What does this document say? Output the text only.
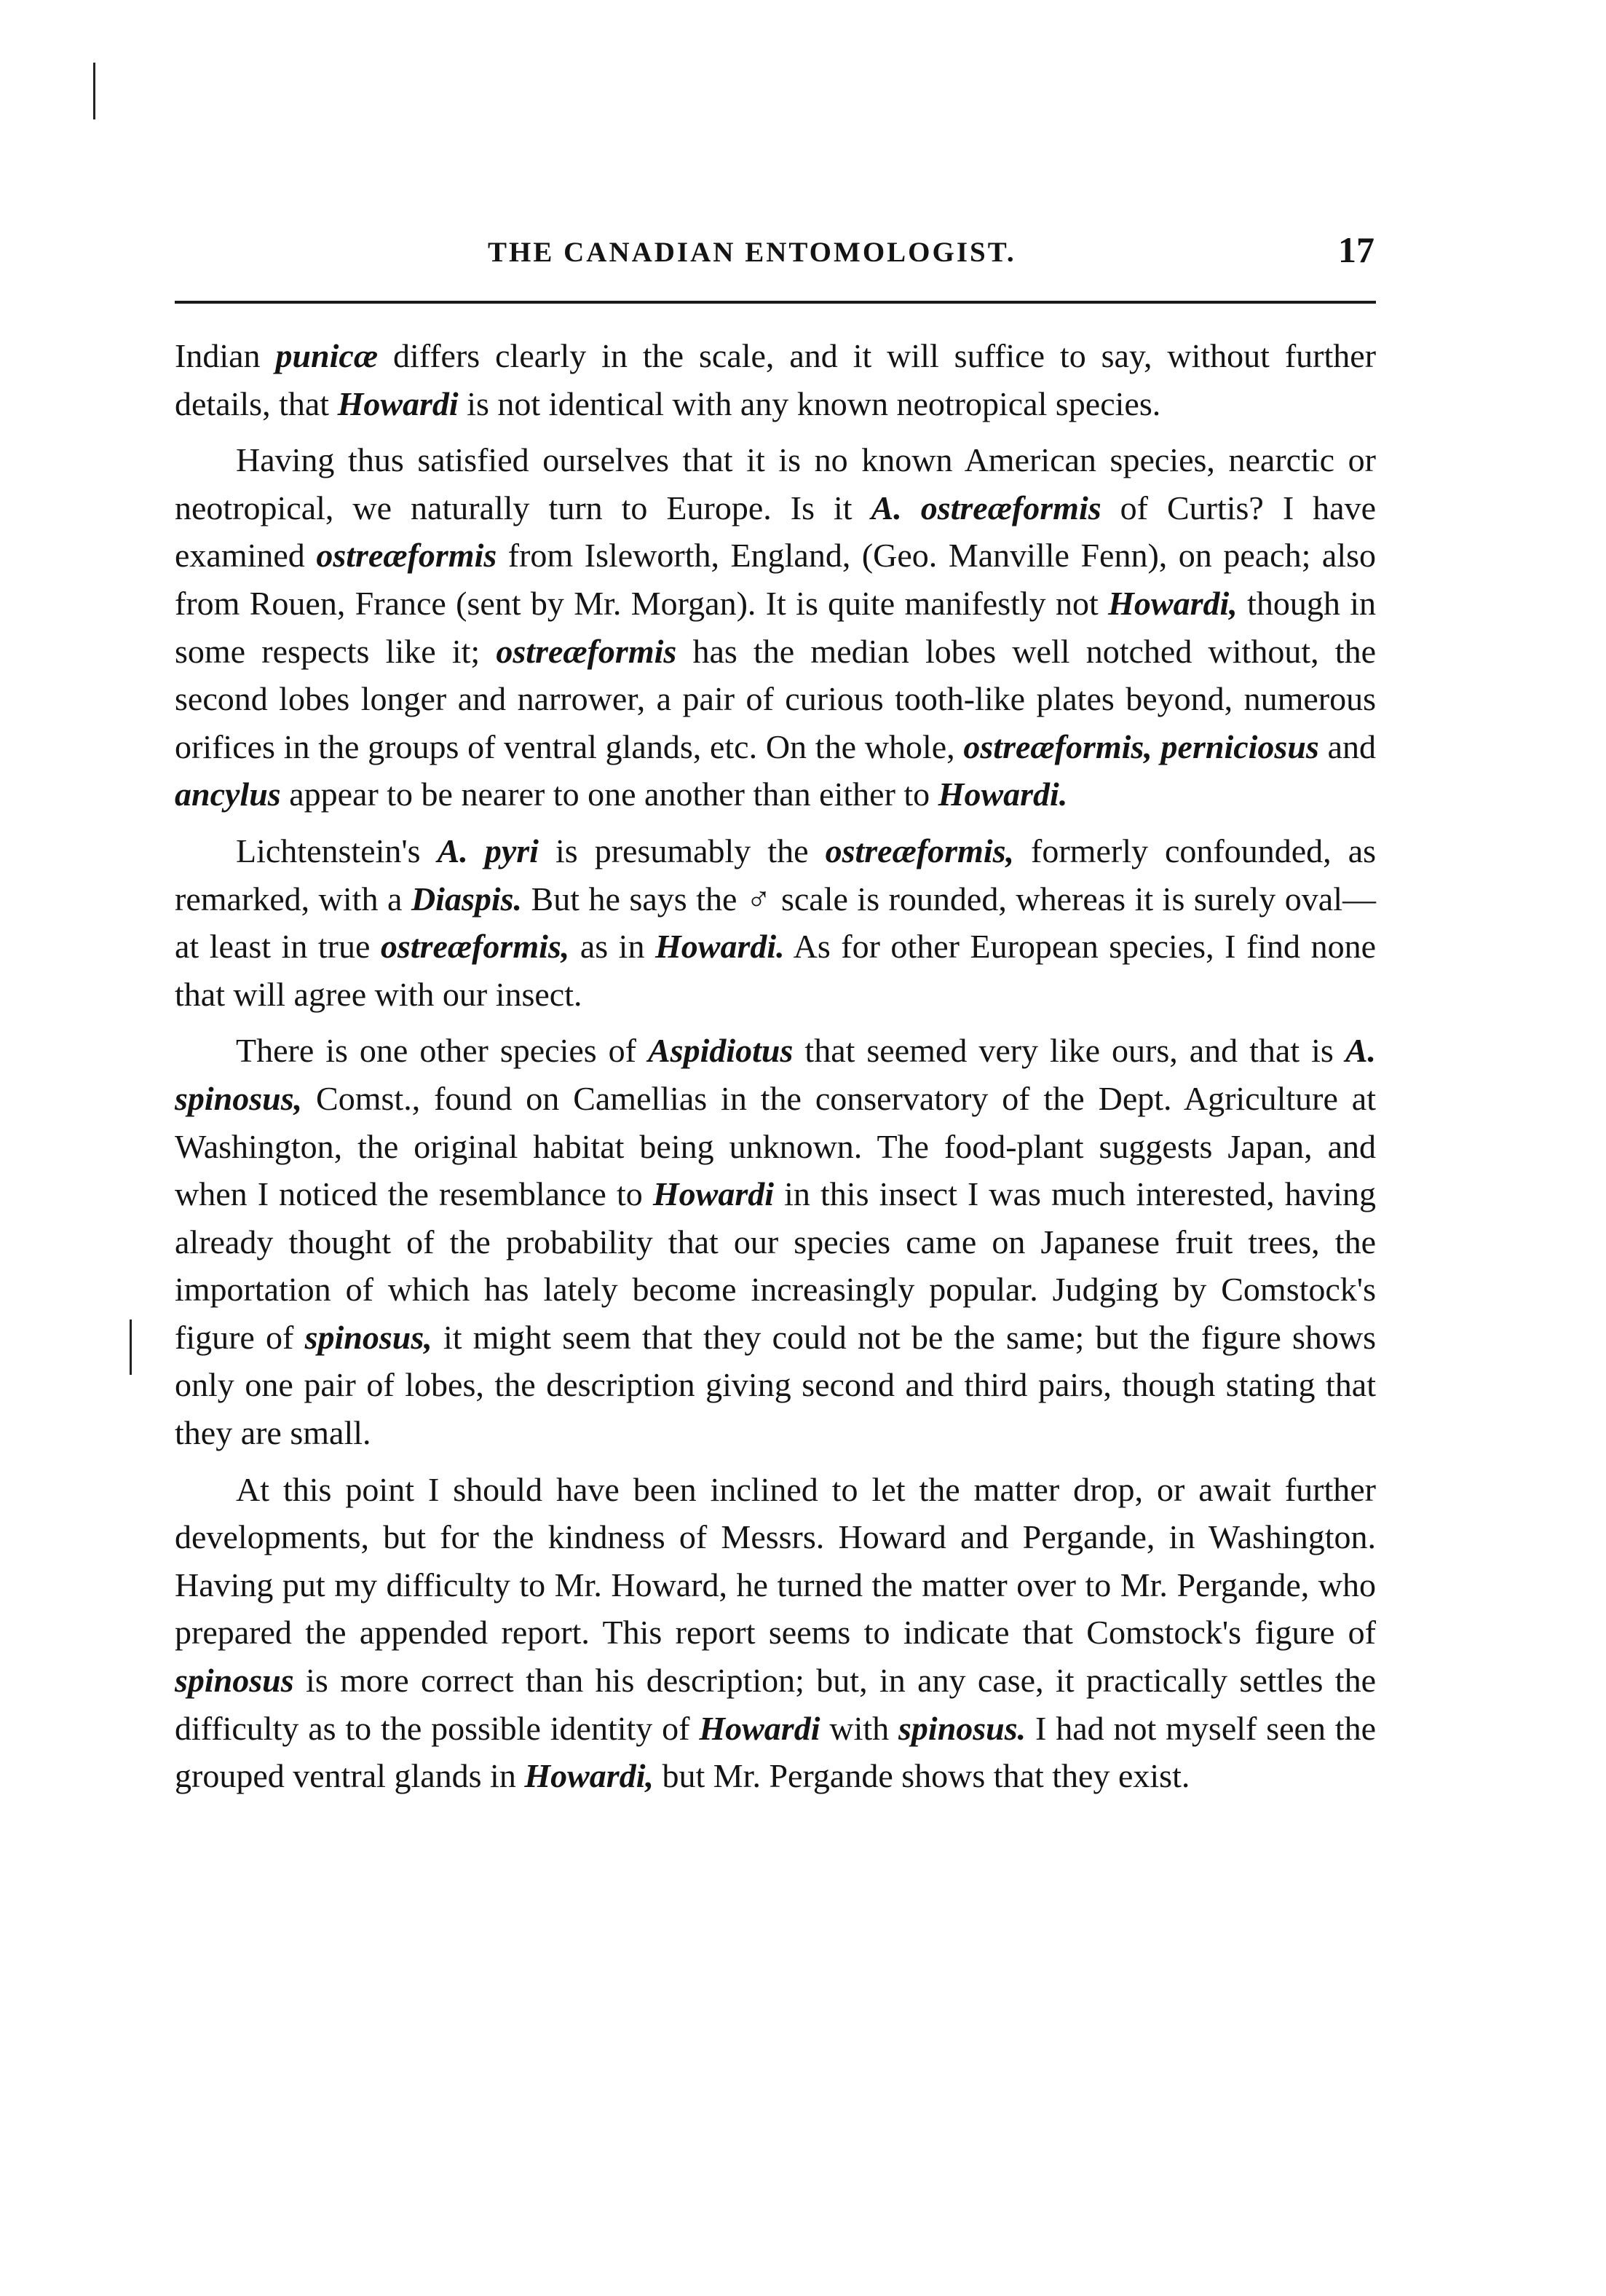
THE CANADIAN ENTOMOLOGIST.	17

Indian punicæ differs clearly in the scale, and it will suffice to say, without further details, that Howardi is not identical with any known neotropical species.

Having thus satisfied ourselves that it is no known American species, nearctic or neotropical, we naturally turn to Europe. Is it A. ostreæformis of Curtis? I have examined ostreæformis from Isleworth, England, (Geo. Manville Fenn), on peach; also from Rouen, France (sent by Mr. Morgan). It is quite manifestly not Howardi, though in some respects like it; ostreæformis has the median lobes well notched without, the second lobes longer and narrower, a pair of curious tooth-like plates beyond, numerous orifices in the groups of ventral glands, etc. On the whole, ostreæformis, perniciosus and ancylus appear to be nearer to one another than either to Howardi.

Lichtenstein's A. pyri is presumably the ostreæformis, formerly confounded, as remarked, with a Diaspis. But he says the ♂ scale is rounded, whereas it is surely oval—at least in true ostreæformis, as in Howardi. As for other European species, I find none that will agree with our insect.

There is one other species of Aspidiotus that seemed very like ours, and that is A. spinosus, Comst., found on Camellias in the conservatory of the Dept. Agriculture at Washington, the original habitat being unknown. The food-plant suggests Japan, and when I noticed the resemblance to Howardi in this insect I was much interested, having already thought of the probability that our species came on Japanese fruit trees, the importation of which has lately become increasingly popular. Judging by Comstock's figure of spinosus, it might seem that they could not be the same; but the figure shows only one pair of lobes, the description giving second and third pairs, though stating that they are small.

At this point I should have been inclined to let the matter drop, or await further developments, but for the kindness of Messrs. Howard and Pergande, in Washington. Having put my difficulty to Mr. Howard, he turned the matter over to Mr. Pergande, who prepared the appended report. This report seems to indicate that Comstock's figure of spinosus is more correct than his description; but, in any case, it practically settles the difficulty as to the possible identity of Howardi with spinosus. I had not myself seen the grouped ventral glands in Howardi, but Mr. Pergande shows that they exist.
